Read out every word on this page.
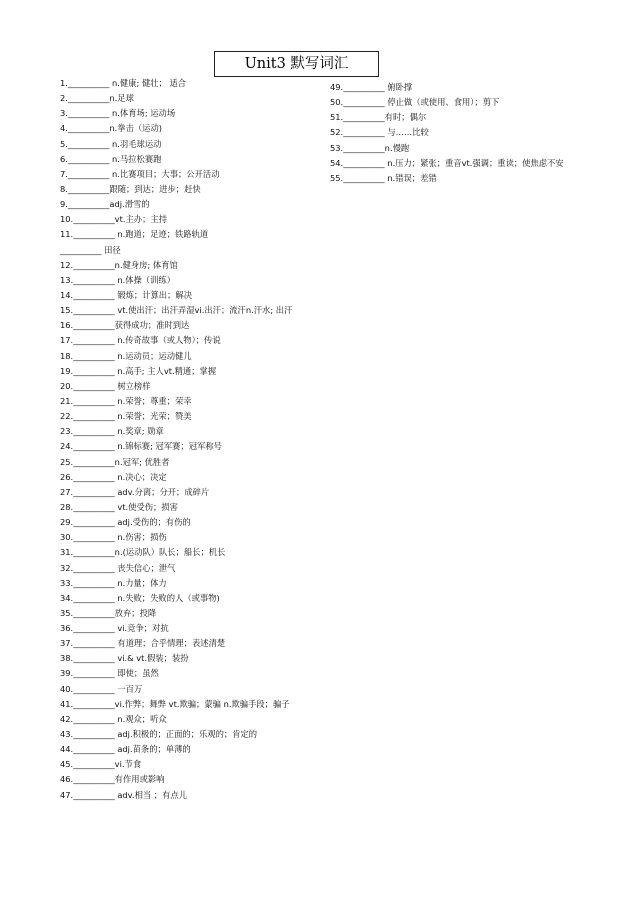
Unit3 默写词汇
1.__________ n.健康; 健壮； 适合
2.__________n.足球
3.__________ n.体育场; 运动场
4.__________n.拳击（运动)
5.__________ n.羽毛球运动
6.__________ n.马拉松赛跑
7.__________ n.比赛项目；大事；公开活动
8.__________跟随；到达；进步；赶快
9.__________adj.滑雪的
10.__________vt.主办；主持
11.__________ n.跑道；足迹；铁路轨道
__________ 田径
12.__________n.健身房; 体育馆
13.__________ n.体操（训练）
14.__________ 锻炼；计算出；解决
15.__________ vt.使出汗；出汗弄湿vi.出汗；流汗n.汗水; 出汗
16.__________获得成功；准时到达
17.__________ n.传奇故事（或人物）；传说
18.__________ n.运动员；运动健儿
19.__________ n.高手; 主人vt.精通；掌握
20.__________ 树立榜样
21.__________ n.荣誉；尊重；荣幸
22.__________ n.荣誉；光荣；赞美
23.__________ n.奖章; 勋章
24.__________ n.锦标赛; 冠军赛；冠军称号
25.__________n.冠军; 优胜者
26.__________ n.决心；决定
27.__________ adv.分离；分开；成碎片
28.__________ vt.使受伤；损害
29.__________ adj.受伤的；有伤的
30.__________ n.伤害；损伤
31.__________n.(运动队）队长；船长；机长
32.__________ 丧失信心；泄气
33.__________ n.力量；体力
34.__________ n.失败；失败的人（或事物)
35.__________放弃；投降
36.__________ vi.竞争；对抗
37.__________ 有道理；合乎情理；表述清楚
38.__________ vi.& vt.假装；装扮
39.__________ 即使；虽然
40.__________ 一百万
41.__________vi.作弊；舞弊 vt.欺骗；蒙骗 n.欺骗手段；骗子
42.__________ n.观众；听众
43.__________ adj.积极的；正面的；乐观的；肯定的
44.__________ adj.苗条的；单薄的
45.__________vi.节食
46.__________有作用或影响
47.__________ adv.相当 ；有点儿
49.__________ 俯卧撑
50.__________ 停止做（或使用、食用）；剪下
51.__________有时；偶尔
52.__________ 与……比较
53.__________n.慢跑
54.__________ n.压力；紧张；重音vt.强调；重读；使焦虑不安
55.__________ n.错误；差错
